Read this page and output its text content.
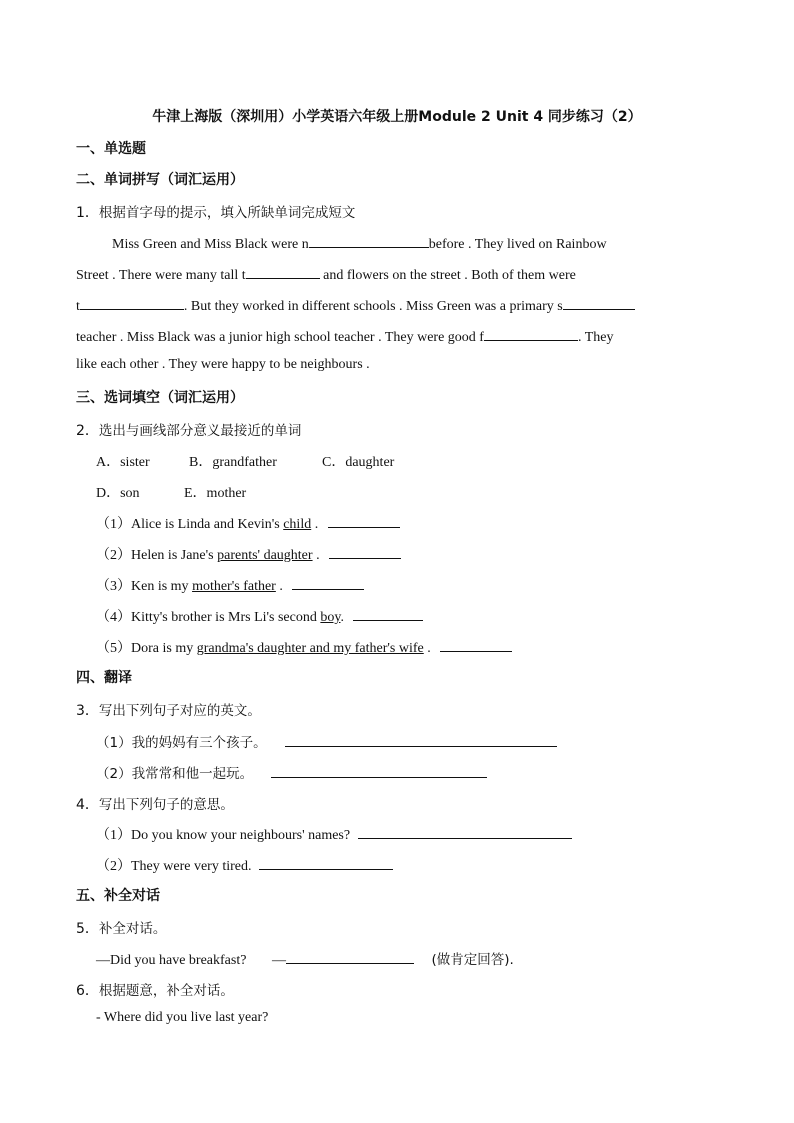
牛津上海版（深圳用）小学英语六年级上册Module 2 Unit 4 同步练习（2）
一、单选题
二、单词拼写（词汇运用）
1．根据首字母的提示，填入所缺单词完成短文
Miss Green and Miss Black were n	before . They lived on Rainbow
Street . There were many tall t	and flowers on the street . Both of them were
t	. But they worked in different schools . Miss Green was a primary s
teacher . Miss Black was a junior high school teacher . They were good f	. They
like each other . They were happy to be neighbours .
三、选词填空（词汇运用）
2．选出与画线部分意义最接近的单词
A．sister	B．grandfather	C．daughter
D．son	E．mother
（1）Alice is Linda and Kevin's child .
（2）Helen is Jane's parents' daughter .
（3）Ken is my mother's father .
（4）Kitty's brother is Mrs Li's second boy.
（5）Dora is my grandma's daughter and my father's wife .
四、翻译
3．写出下列句子对应的英文。
（1）我的妈妈有三个孩子。
（2）我常常和他一起玩。
4．写出下列句子的意思。
（1）Do you know your neighbours' names?
（2）They were very tired.
五、补全对话
5．补全对话。
—Did you have breakfast? —	(做肯定回答).
6．根据题意，补全对话。
- Where did you live last year?
